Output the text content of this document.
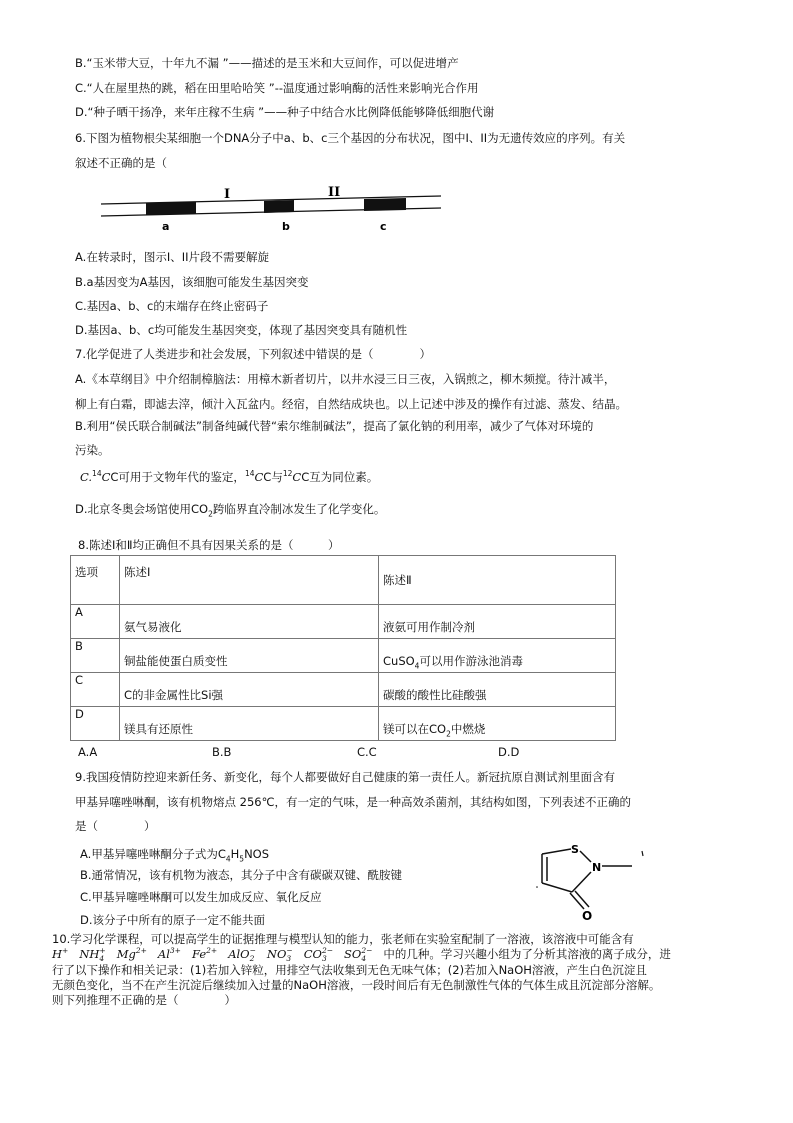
B.“玉米带大豆，十年九不漏 ”——描述的是玉米和大豆间作，可以促进增产
C.“人在屋里热的跳，稻在田里哈哈笑 ”--温度通过影响酶的活性来影响光合作用
D.“种子晒干扬净，来年庄稼不生病 ”——种子中结合水比例降低能够降低细胞代谢
6.下图为植物根尖某细胞一个DNA分子中a、b、c三个基因的分布状况，图中I、II为无遗传效应的序列。有关
叙述不正确的是（
I	II
a	b	c
A.在转录时，图示I、II片段不需要解旋
B.a基因变为A基因，该细胞可能发生基因突变
C.基因a、b、c的末端存在终止密码子
D.基因a、b、c均可能发生基因突变，体现了基因突变具有随机性
7.化学促进了人类进步和社会发展，下列叙述中错误的是（　　　　）
A.《本草纲目》中介绍制樟脑法：用樟木新者切片，以井水浸三日三夜，入锅煎之，柳木频搅。待汁减半，
柳上有白霜，即滤去滓，倾汁入瓦盆内。经宿，自然结成块也。以上记述中涉及的操作有过滤、蒸发、结晶。
B.利用“侯氏联合制碱法”制备纯碱代替“索尔维制碱法”，提高了氯化钠的利用率，减少了气体对环境的
污染。
C.$^{14}$CC可用于文物年代的鉴定，$^{14}$CC与$^{12}$CC互为同位素。
D.北京冬奥会场馆使用$CO_2$跨临界直冷制冰发生了化学变化。
8.陈述Ⅰ和Ⅱ均正确但不具有因果关系的是（　　　）
选项	陈述Ⅰ	陈述Ⅱ

A	氨气易液化	液氨可用作制冷剂

B	铜盐能使蛋白质变性	CuSO$_4$可以用作游泳池消毒

C	C的非金属性比Si强	碳酸的酸性比硅酸强

D	镁具有还原性	镁可以在$CO_2$中燃烧
A.A	B.B	C.C	D.D
9.我国疫情防控迎来新任务、新变化，每个人都要做好自己健康的第一责任人。新冠抗原自测试剂里面含有
甲基异噻唑啉酮，该有机物熔点 256℃，有一定的气味，是一种高效杀菌剂，其结构如图，下列表述不正确的
是（　　　　）
A.甲基异噻唑啉酮分子式为$C_4H_5NOS$
B.通常情况，该有机物为液态，其分子中含有碳碳双键、酰胺键
C.甲基异噻唑啉酮可以发生加成反应、氧化反应
D.该分子中所有的原子一定不能共面
S
N
O
10.学习化学课程，可以提高学生的证据推理与模型认知的能力，张老师在实验室配制了一溶液，该溶液中可能含有
H +
NH +
4 Mg 2+
Al 3+
Fe 2+
AlO −
2 NO −
3 CO 2−
3	SO 2−
4	中的几种。学习兴趣小组为了分析其溶液的离子成分，进
行了以下操作和相关记录：(1)若加入锌粒，用排空气法收集到无色无味气体；(2)若加入NaOH溶液，产生白色沉淀且
无颜色变化，当不在产生沉淀后继续加入过量的NaOH溶液，一段时间后有无色制激性气体的气体生成且沉淀部分溶解。
则下列推理不正确的是（　　　　）
